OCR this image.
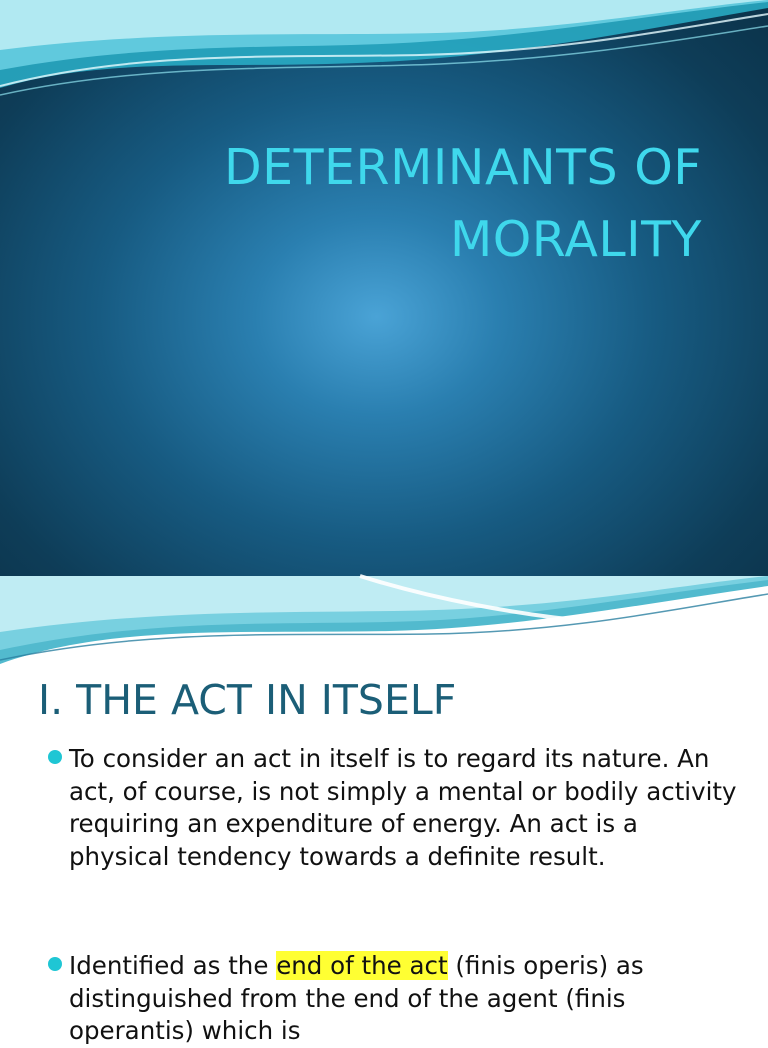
DETERMINANTS OF
MORALITY
I. THE ACT IN ITSELF
To consider an act in itself is to regard its nature. An act, of course, is not simply a mental or bodily activity requiring an expenditure of energy. An act is a physical tendency towards a definite result.
Identified as the end of the act (finis operis) as distinguished from the end of the agent (finis operantis) which is
